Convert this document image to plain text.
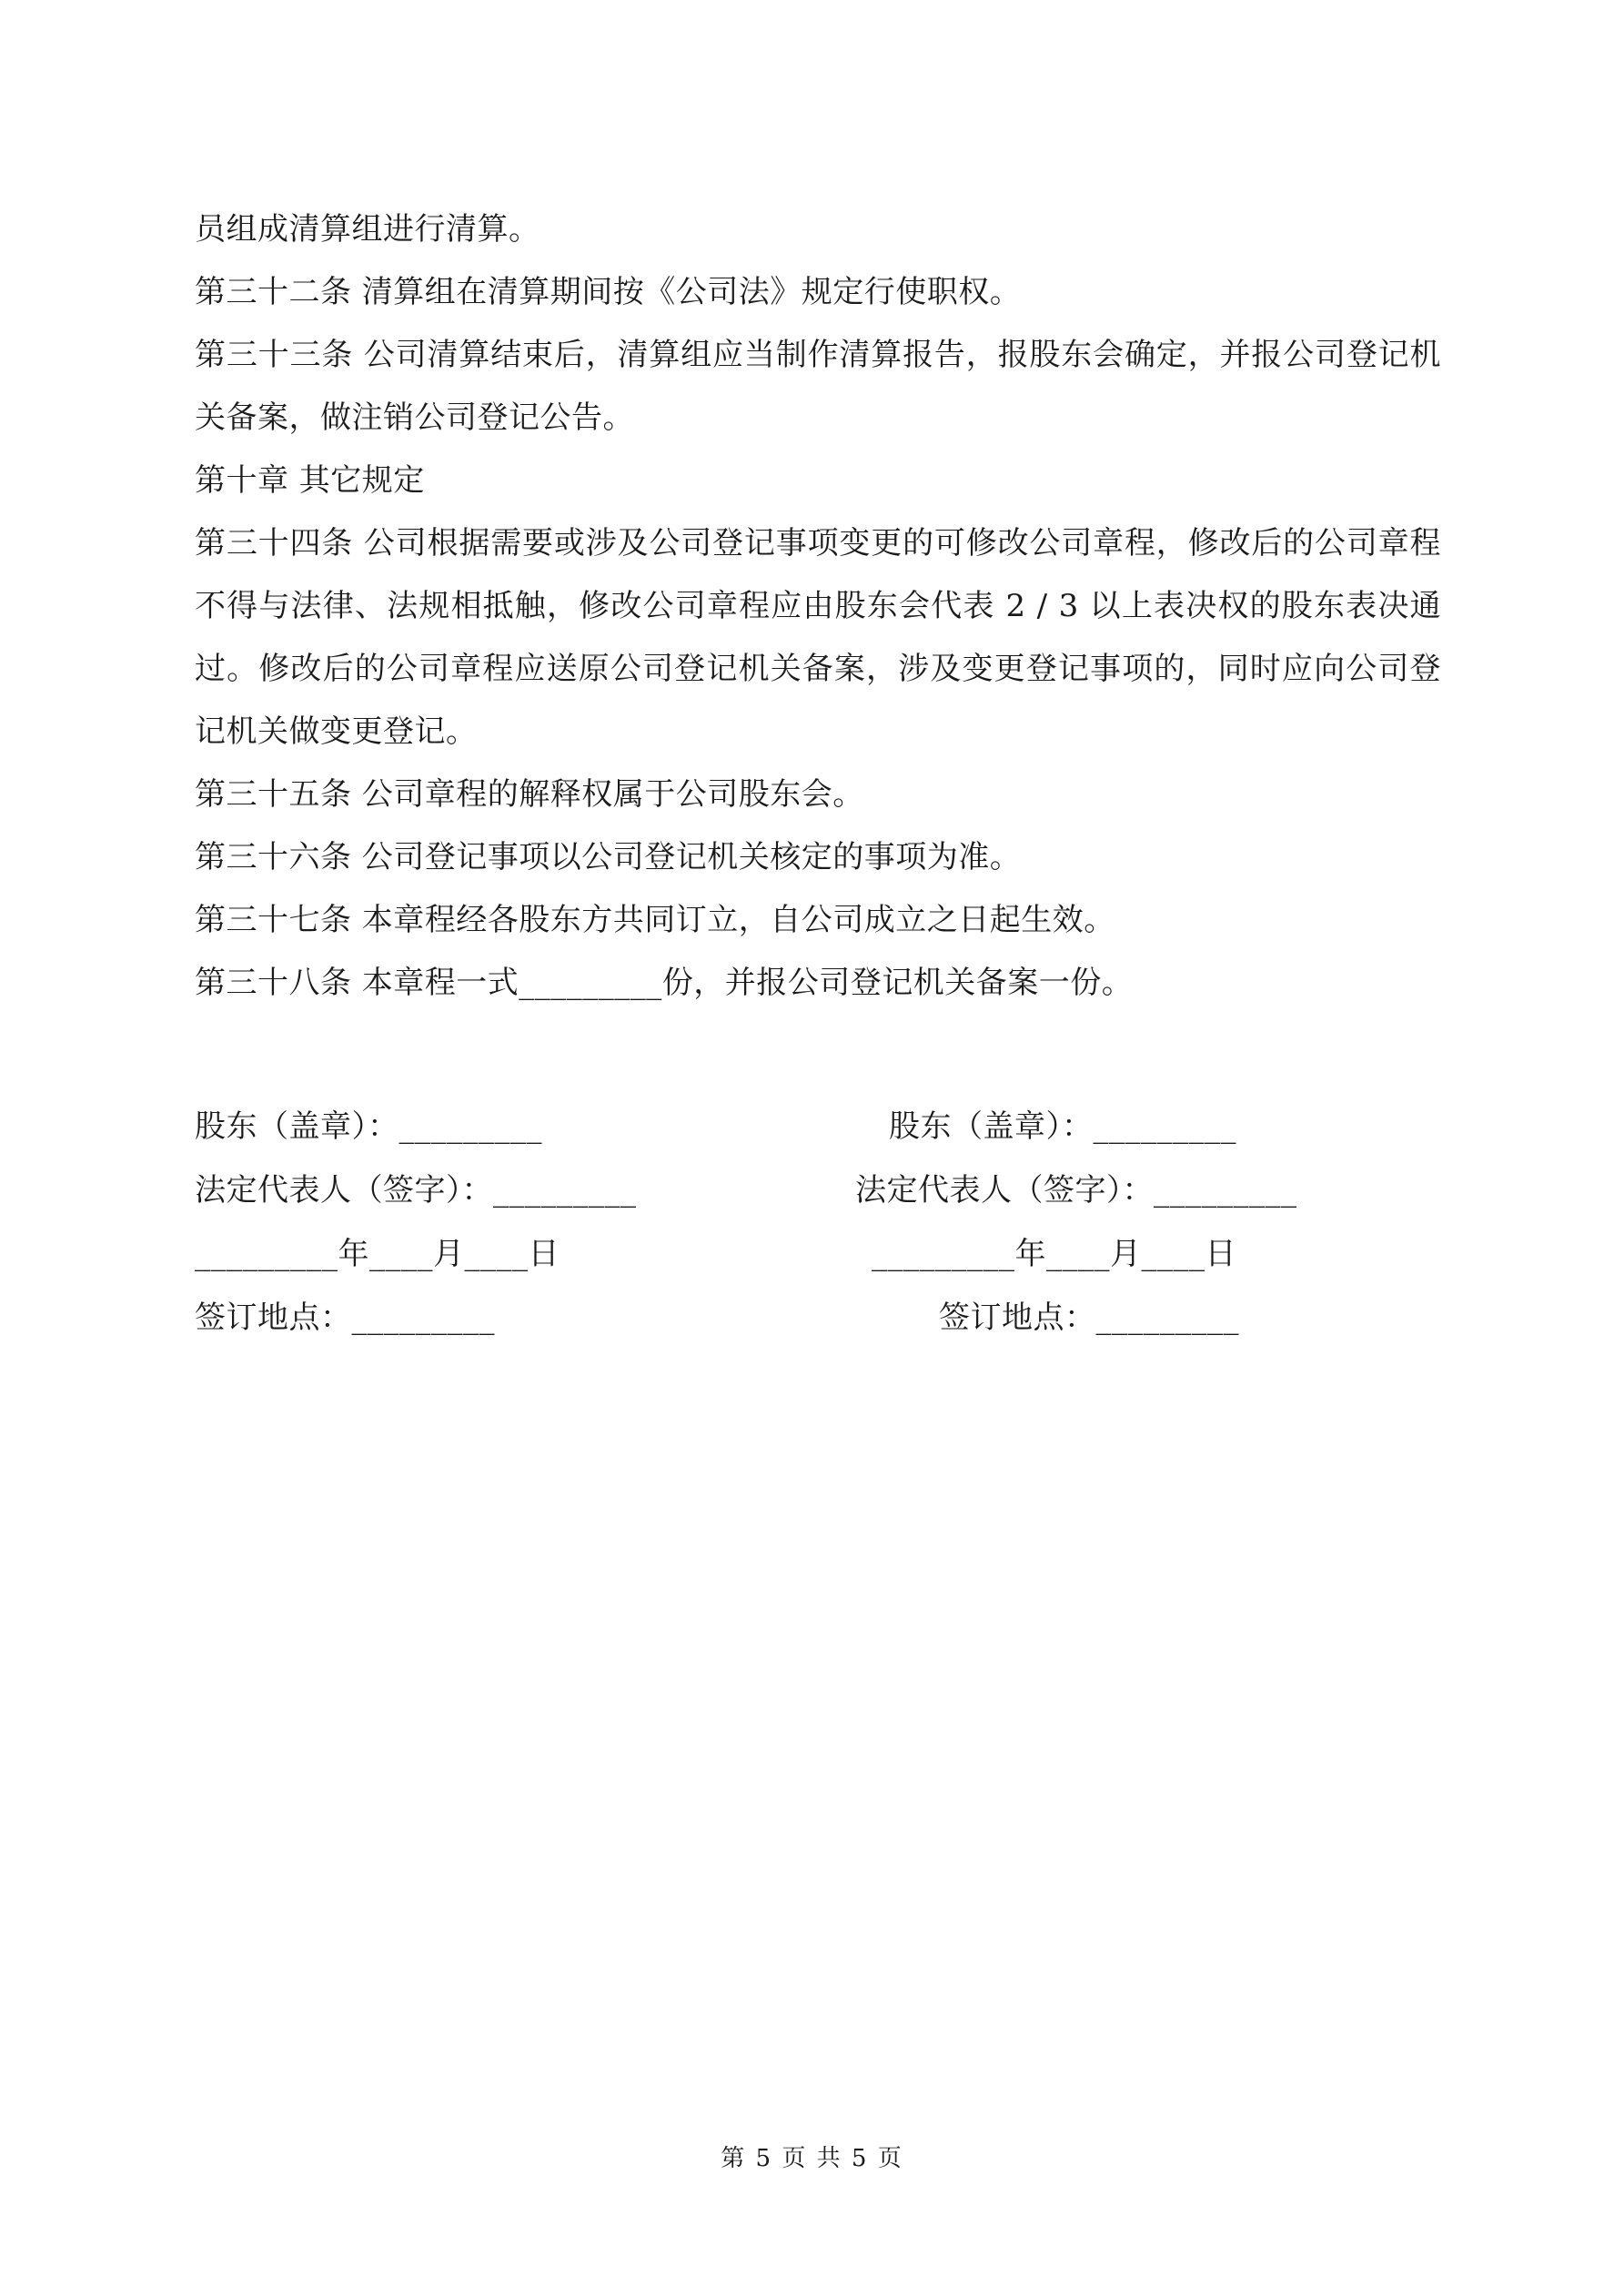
员组成清算组进行清算。

第三十二条 清算组在清算期间按《公司法》规定行使职权。

第三十三条 公司清算结束后，清算组应当制作清算报告，报股东会确定，并报公司登记机关备案，做注销公司登记公告。

第十章 其它规定

第三十四条 公司根据需要或涉及公司登记事项变更的可修改公司章程，修改后的公司章程不得与法律、法规相抵触，修改公司章程应由股东会代表 2 / 3 以上表决权的股东表决通过。修改后的公司章程应送原公司登记机关备案，涉及变更登记事项的，同时应向公司登记机关做变更登记。

第三十五条 公司章程的解释权属于公司股东会。

第三十六条 公司登记事项以公司登记机关核定的事项为准。

第三十七条 本章程经各股东方共同订立，自公司成立之日起生效。

第三十八条 本章程一式_________份，并报公司登记机关备案一份。

股东（盖章）：_________
法定代表人（签字）：_________
_________年____月____日
签订地点：_________
股东（盖章）：_________
法定代表人（签字）：_________
_________年____月____日
签订地点：_________
第 5 页 共 5 页
